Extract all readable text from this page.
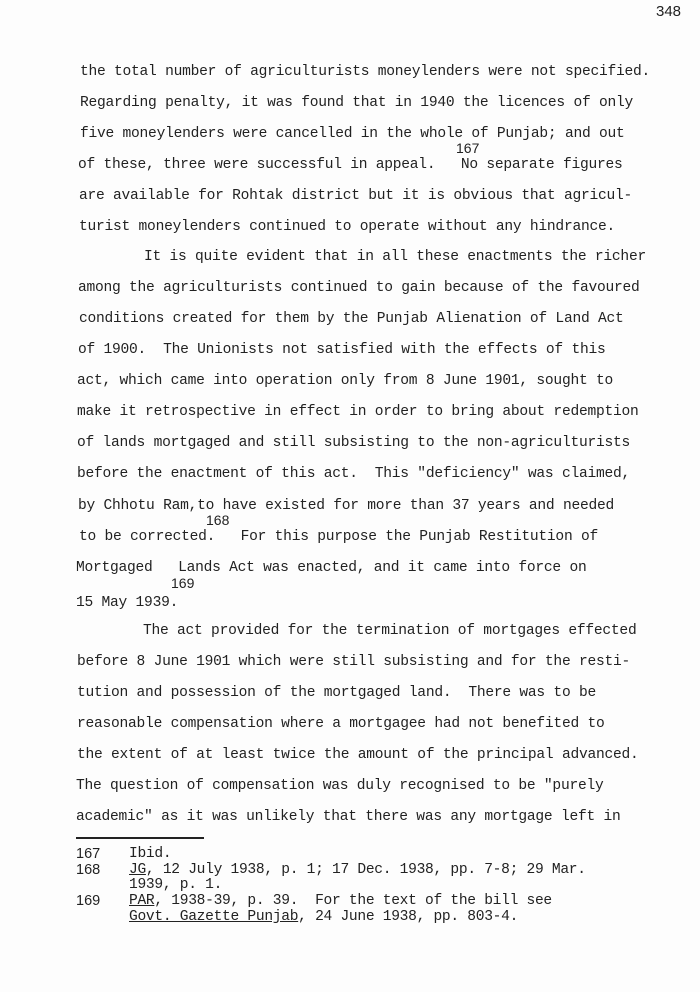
348
the total number of agriculturists moneylenders were not specified.
Regarding penalty, it was found that in 1940 the licences of only
five moneylenders were cancelled in the whole of Punjab; and out
of these, three were successful in appeal.   No separate figures
are available for Rohtak district but it is obvious that agricul-
turist moneylenders continued to operate without any hindrance.
It is quite evident that in all these enactments the richer
among the agriculturists continued to gain because of the favoured
conditions created for them by the Punjab Alienation of Land Act
of 1900.  The Unionists not satisfied with the effects of this
act, which came into operation only from 8 June 1901, sought to
make it retrospective in effect in order to bring about redemption
of lands mortgaged and still subsisting to the non-agriculturists
before the enactment of this act.  This "deficiency" was claimed,
by Chhotu Ram,to have existed for more than 37 years and needed
to be corrected.   For this purpose the Punjab Restitution of
Mortgaged   Lands Act was enacted, and it came into force on
15 May 1939.
The act provided for the termination of mortgages effected
before 8 June 1901 which were still subsisting and for the resti-
tution and possession of the mortgaged land.  There was to be
reasonable compensation where a mortgagee had not benefited to
the extent of at least twice the amount of the principal advanced.
The question of compensation was duly recognised to be "purely
academic" as it was unlikely that there was any mortgage left in
167
168
169
167 Ibid.
168 JG, 12 July 1938, p. 1; 17 Dec. 1938, pp. 7-8; 29 Mar.
1939, p. 1.
169 PAR, 1938-39, p. 39.  For the text of the bill see
Govt. Gazette Punjab, 24 June 1938, pp. 803-4.
